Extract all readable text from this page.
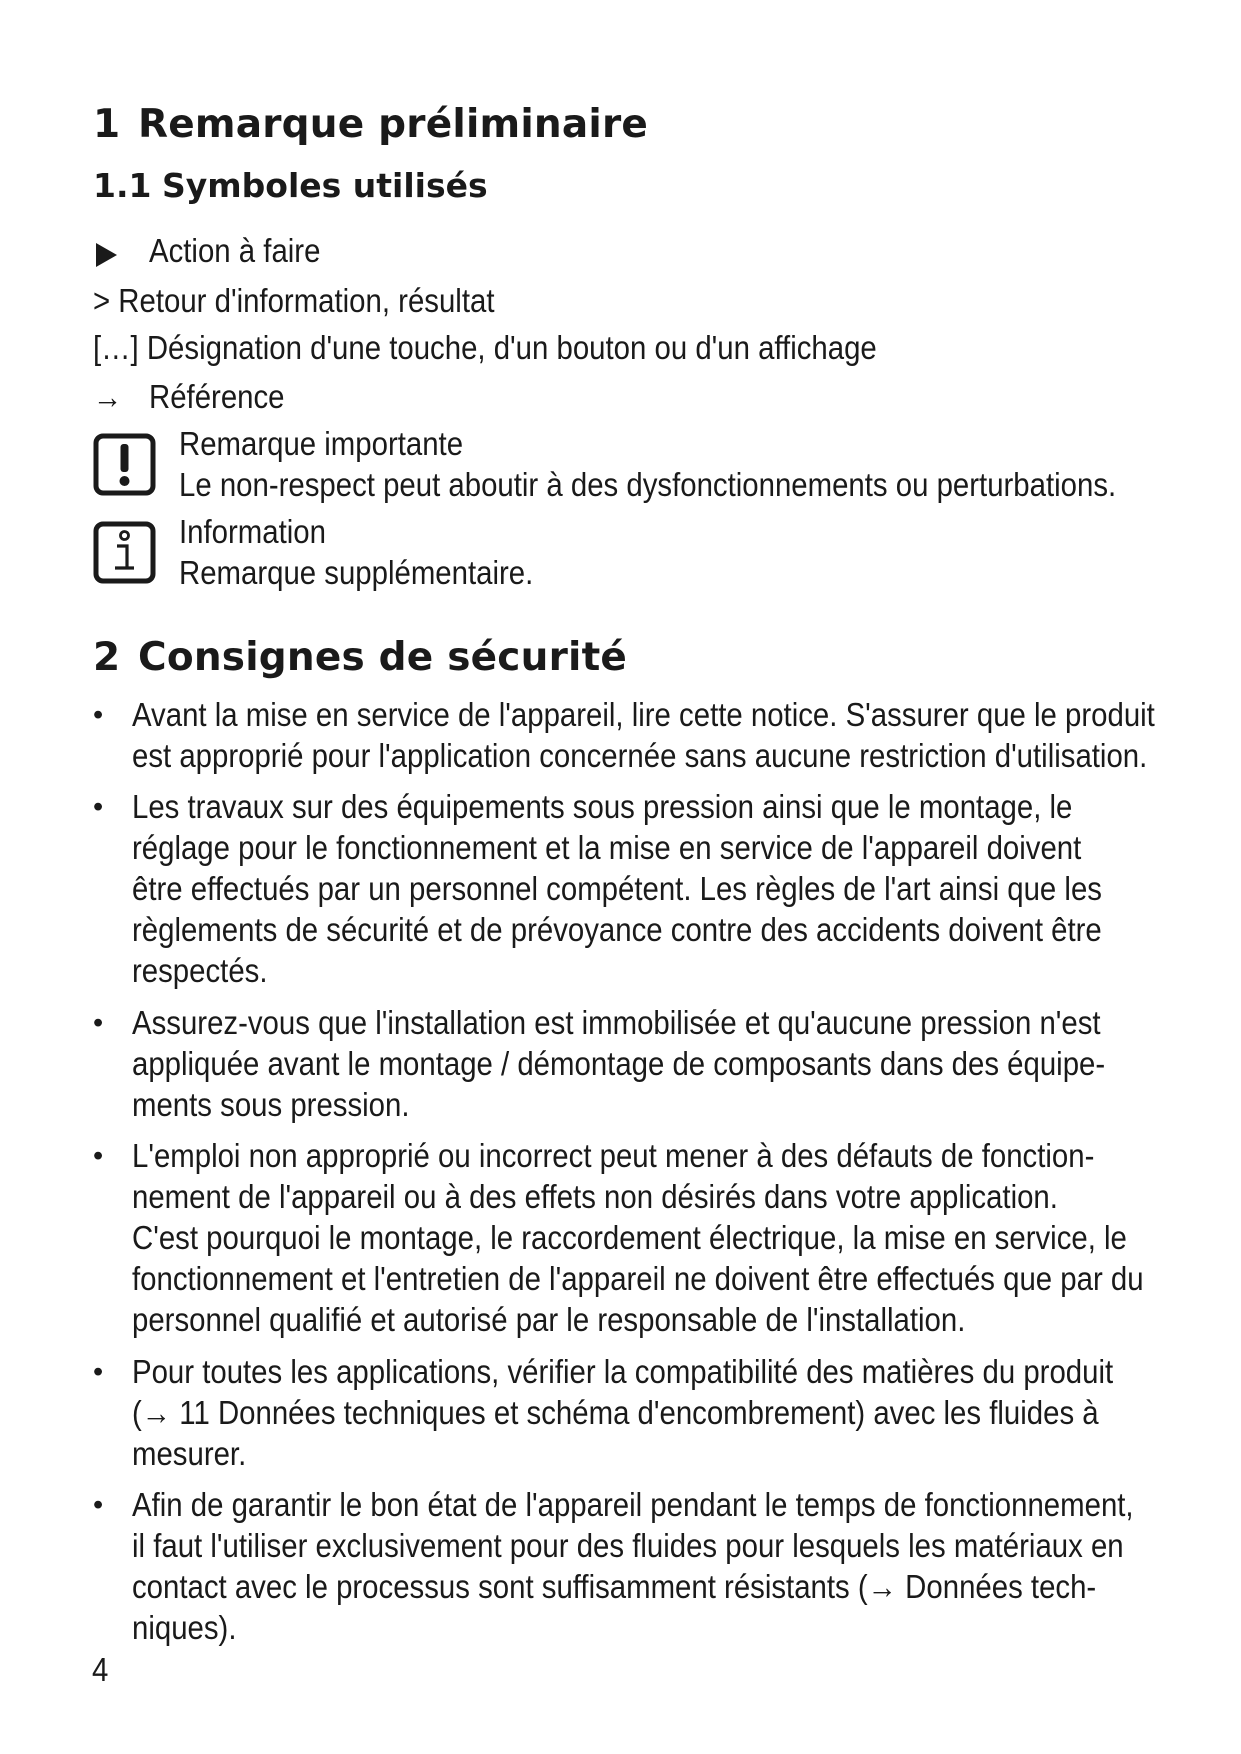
1 Remarque préliminaire
1.1 Symboles utilisés
Action à faire
> Retour d'information, résultat
[…] Désignation d'une touche, d'un bouton ou d'un affichage
→ Référence
Remarque importante
Le non-respect peut aboutir à des dysfonctionnements ou perturbations.
Information
Remarque supplémentaire.
2 Consignes de sécurité
• Avant la mise en service de l'appareil, lire cette notice. S'assurer que le produit
est approprié pour l'application concernée sans aucune restriction d'utilisation.
• Les travaux sur des équipements sous pression ainsi que le montage, le
réglage pour le fonctionnement et la mise en service de l'appareil doivent
être effectués par un personnel compétent. Les règles de l'art ainsi que les
règlements de sécurité et de prévoyance contre des accidents doivent être
respectés.
• Assurez-vous que l'installation est immobilisée et qu'aucune pression n'est
appliquée avant le montage / démontage de composants dans des équipe-
ments sous pression.
• L'emploi non approprié ou incorrect peut mener à des défauts de fonction-
nement de l'appareil ou à des effets non désirés dans votre application.
C'est pourquoi le montage, le raccordement électrique, la mise en service, le
fonctionnement et l'entretien de l'appareil ne doivent être effectués que par du
personnel qualifié et autorisé par le responsable de l'installation.
• Pour toutes les applications, vérifier la compatibilité des matières du produit
(→ 11 Données techniques et schéma d'encombrement) avec les fluides à
mesurer.
• Afin de garantir le bon état de l'appareil pendant le temps de fonctionnement,
il faut l'utiliser exclusivement pour des fluides pour lesquels les matériaux en
contact avec le processus sont suffisamment résistants (→ Données tech-
niques).
4
